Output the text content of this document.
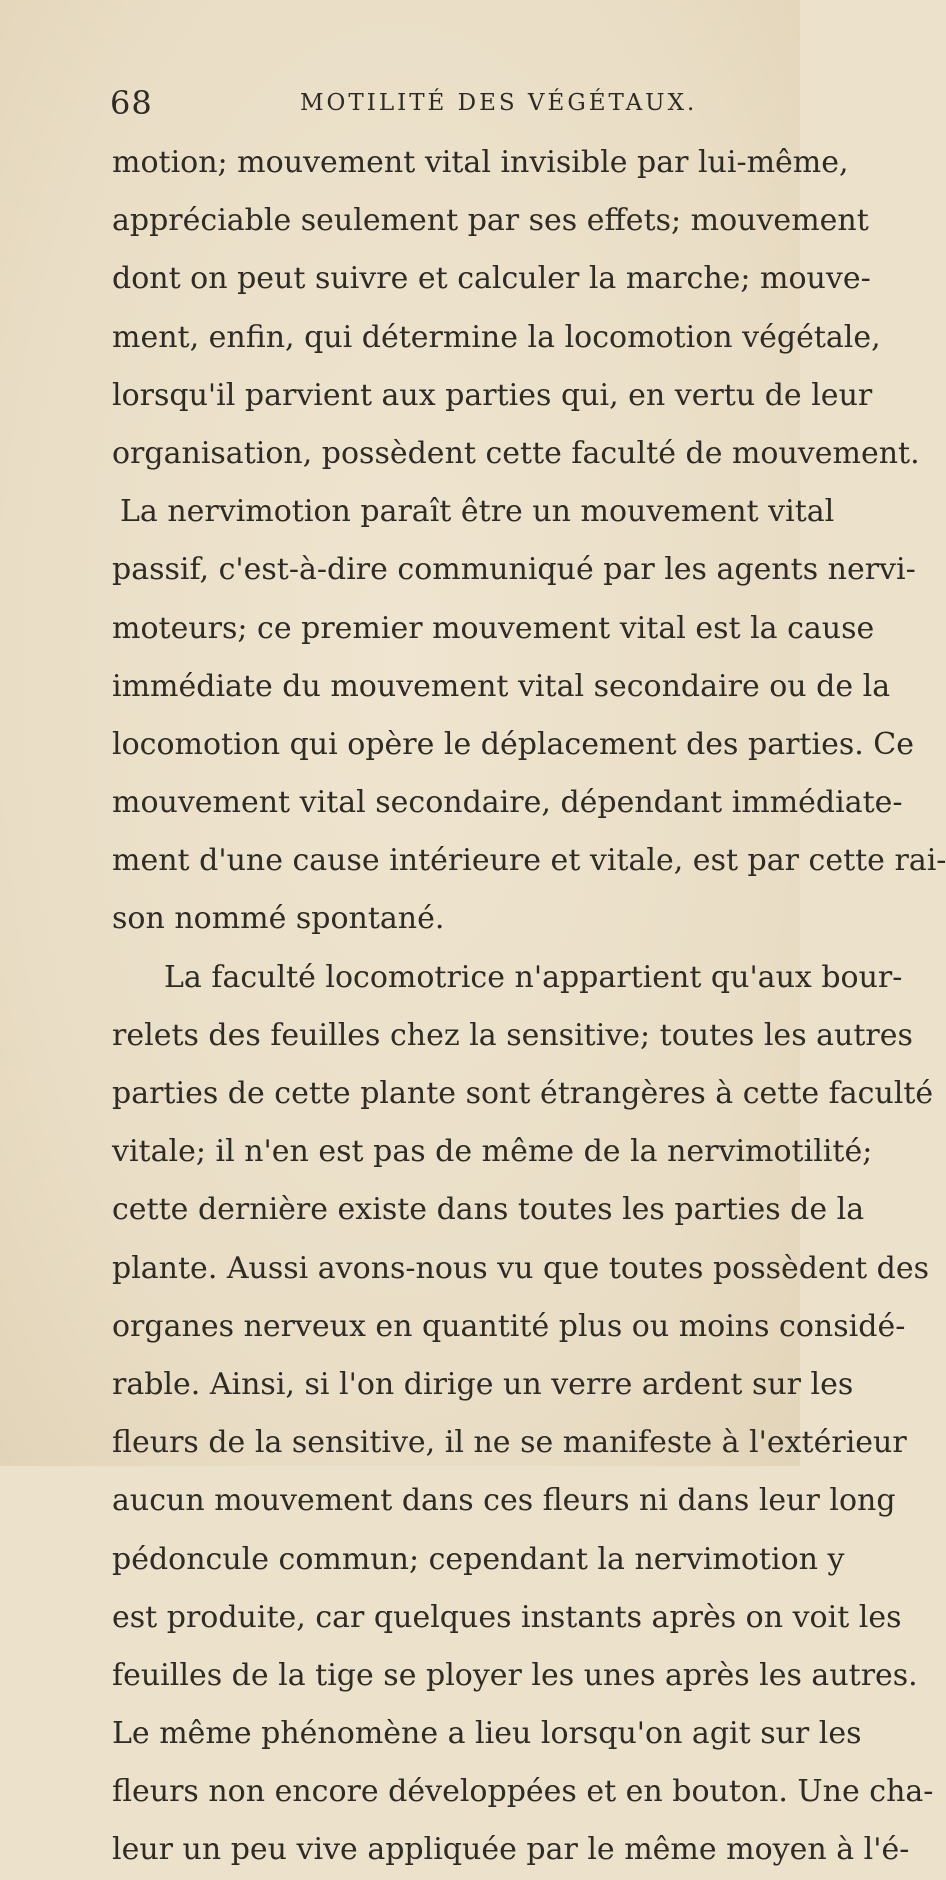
68	MOTILITÉ DES VÉGÉTAUX.
motion; mouvement vital invisible par lui-même,
appréciable seulement par ses effets; mouvement
dont on peut suivre et calculer la marche; mouve-
ment, enfin, qui détermine la locomotion végétale,
lorsqu'il parvient aux parties qui, en vertu de leur
organisation, possèdent cette faculté de mouvement.
La nervimotion paraît être un mouvement vital
passif, c'est-à-dire communiqué par les agents nervi-
moteurs; ce premier mouvement vital est la cause
immédiate du mouvement vital secondaire ou de la
locomotion qui opère le déplacement des parties. Ce
mouvement vital secondaire, dépendant immédiate-
ment d'une cause intérieure et vitale, est par cette rai-
son nommé spontané.
La faculté locomotrice n'appartient qu'aux bour-
relets des feuilles chez la sensitive; toutes les autres
parties de cette plante sont étrangères à cette faculté
vitale; il n'en est pas de même de la nervimotilité;
cette dernière existe dans toutes les parties de la
plante. Aussi avons-nous vu que toutes possèdent des
organes nerveux en quantité plus ou moins considé-
rable. Ainsi, si l'on dirige un verre ardent sur les
fleurs de la sensitive, il ne se manifeste à l'extérieur
aucun mouvement dans ces fleurs ni dans leur long
pédoncule commun; cependant la nervimotion y
est produite, car quelques instants après on voit les
feuilles de la tige se ployer les unes après les autres.
Le même phénomène a lieu lorsqu'on agit sur les
fleurs non encore développées et en bouton. Une cha-
leur un peu vive appliquée par le même moyen à l'é-
